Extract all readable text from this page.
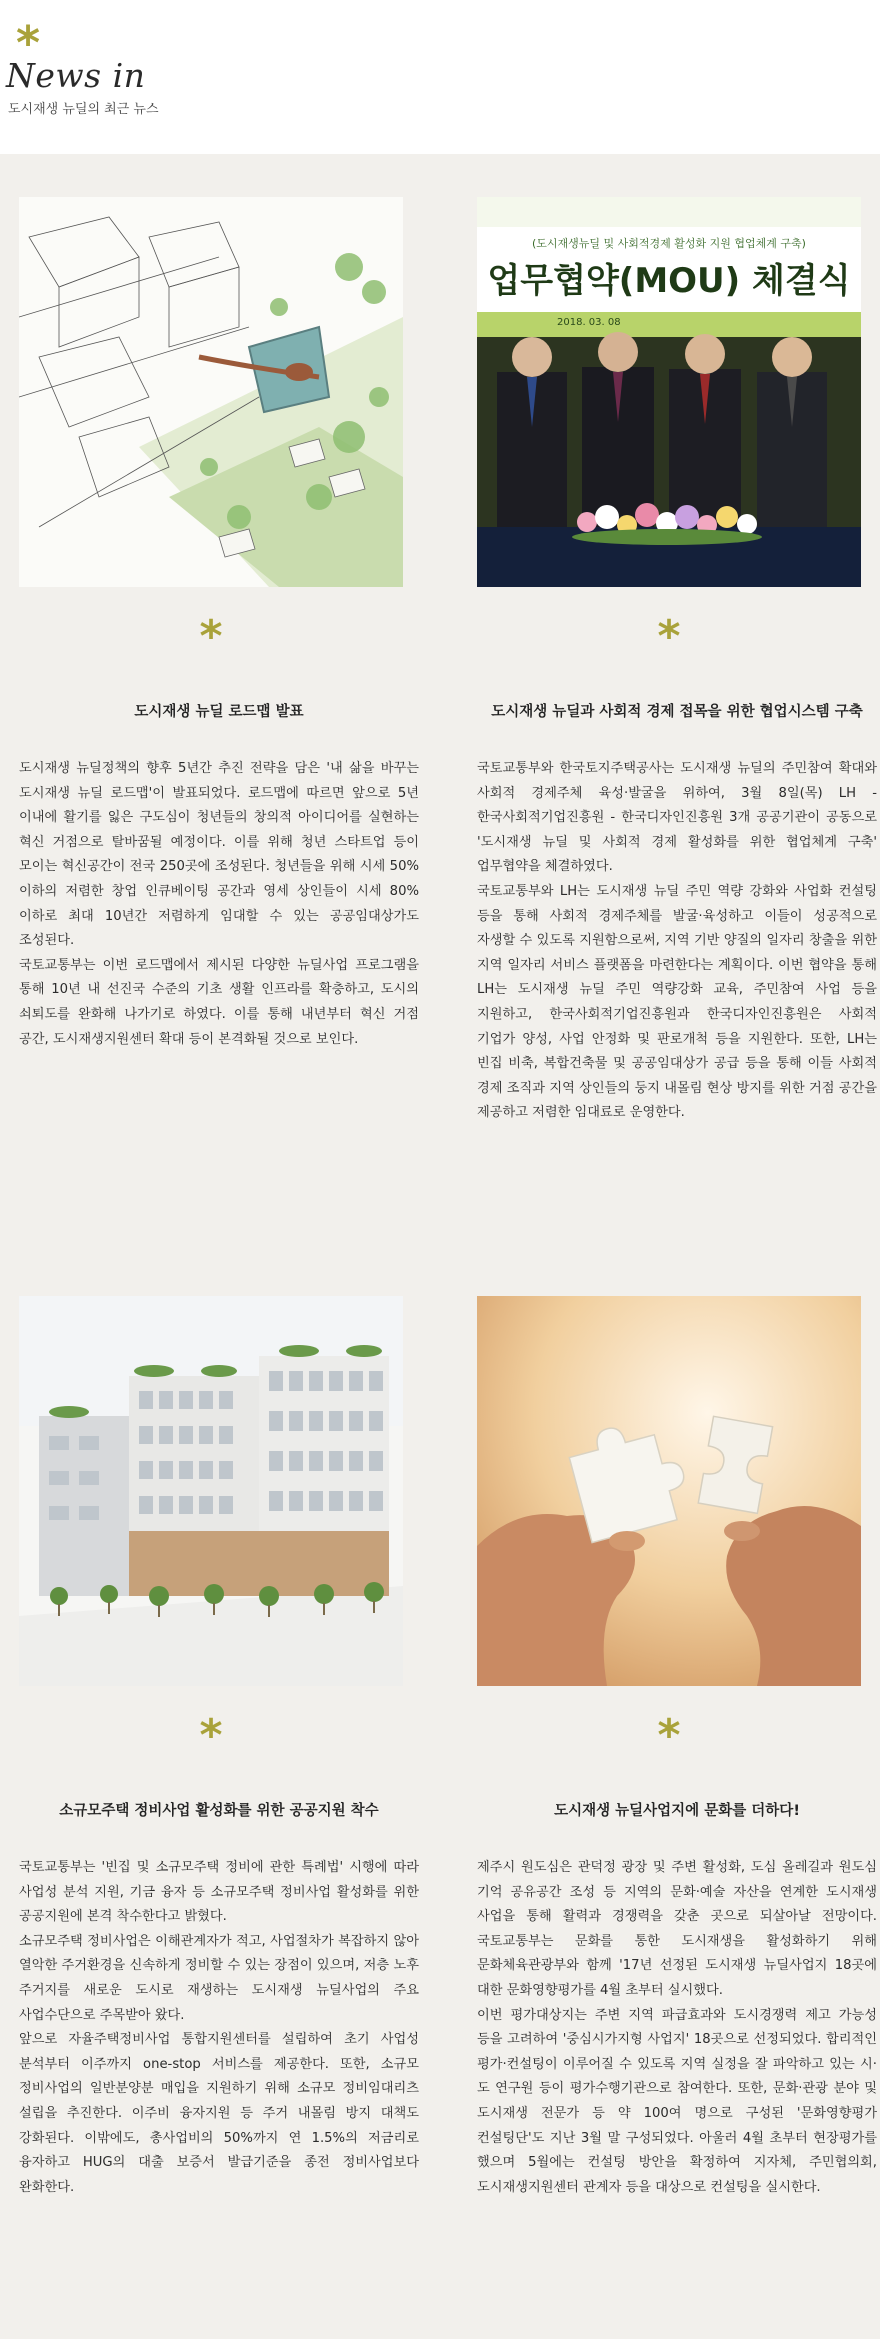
*
News in
도시재생 뉴딜의 최근 뉴스
*
도시재생 뉴딜 로드맵 발표

도시재생 뉴딜정책의 향후 5년간 추진 전략을 담은 '내 삶을 바꾸는 도시재생 뉴딜 로드맵'이 발표되었다. 로드맵에 따르면 앞으로 5년 이내에 활기를 잃은 구도심이 청년들의 창의적 아이디어를 실현하는 혁신 거점으로 탈바꿈될 예정이다. 이를 위해 청년 스타트업 등이 모이는 혁신공간이 전국 250곳에 조성된다. 청년들을 위해 시세 50% 이하의 저렴한 창업 인큐베이팅 공간과 영세 상인들이 시세 80% 이하로 최대 10년간 저렴하게 임대할 수 있는 공공임대상가도 조성된다.

국토교통부는 이번 로드맵에서 제시된 다양한 뉴딜사업 프로그램을 통해 10년 내 선진국 수준의 기초 생활 인프라를 확충하고, 도시의 쇠퇴도를 완화해 나가기로 하였다. 이를 통해 내년부터 혁신 거점 공간, 도시재생지원센터 확대 등이 본격화될 것으로 보인다.

(도시재생뉴딜 및 사회적경제 활성화 지원 협업체계 구축)
업무협약(MOU) 체결식
2018. 03. 08
*
도시재생 뉴딜과 사회적 경제 접목을 위한 협업시스템 구축

국토교통부와 한국토지주택공사는 도시재생 뉴딜의 주민참여 확대와 사회적 경제주체 육성·발굴을 위하여, 3월 8일(목) LH - 한국사회적기업진흥원 - 한국디자인진흥원 3개 공공기관이 공동으로 '도시재생 뉴딜 및 사회적 경제 활성화를 위한 협업체계 구축' 업무협약을 체결하였다.

국토교통부와 LH는 도시재생 뉴딜 주민 역량 강화와 사업화 컨설팅 등을 통해 사회적 경제주체를 발굴·육성하고 이들이 성공적으로 자생할 수 있도록 지원함으로써, 지역 기반 양질의 일자리 창출을 위한 지역 일자리 서비스 플랫폼을 마련한다는 계획이다. 이번 협약을 통해 LH는 도시재생 뉴딜 주민 역량강화 교육, 주민참여 사업 등을 지원하고, 한국사회적기업진흥원과 한국디자인진흥원은 사회적 기업가 양성, 사업 안정화 및 판로개척 등을 지원한다. 또한, LH는 빈집 비축, 복합건축물 및 공공임대상가 공급 등을 통해 이들 사회적 경제 조직과 지역 상인들의 둥지 내몰림 현상 방지를 위한 거점 공간을 제공하고 저렴한 임대료로 운영한다.

*
소규모주택 정비사업 활성화를 위한 공공지원 착수

국토교통부는 '빈집 및 소규모주택 정비에 관한 특례법' 시행에 따라 사업성 분석 지원, 기금 융자 등 소규모주택 정비사업 활성화를 위한 공공지원에 본격 착수한다고 밝혔다.

소규모주택 정비사업은 이해관계자가 적고, 사업절차가 복잡하지 않아 열악한 주거환경을 신속하게 정비할 수 있는 장점이 있으며, 저층 노후 주거지를 새로운 도시로 재생하는 도시재생 뉴딜사업의 주요 사업수단으로 주목받아 왔다.

앞으로 자율주택정비사업 통합지원센터를 설립하여 초기 사업성 분석부터 이주까지 one-stop 서비스를 제공한다. 또한, 소규모 정비사업의 일반분양분 매입을 지원하기 위해 소규모 정비임대리츠 설립을 추진한다. 이주비 융자지원 등 주거 내몰림 방지 대책도 강화된다. 이밖에도, 총사업비의 50%까지 연 1.5%의 저금리로 융자하고 HUG의 대출 보증서 발급기준을 종전 정비사업보다 완화한다.

*
도시재생 뉴딜사업지에 문화를 더하다!

제주시 원도심은 관덕정 광장 및 주변 활성화, 도심 올레길과 원도심 기억 공유공간 조성 등 지역의 문화·예술 자산을 연계한 도시재생 사업을 통해 활력과 경쟁력을 갖춘 곳으로 되살아날 전망이다. 국토교통부는 문화를 통한 도시재생을 활성화하기 위해 문화체육관광부와 함께 '17년 선정된 도시재생 뉴딜사업지 18곳에 대한 문화영향평가를 4월 초부터 실시했다.

이번 평가대상지는 주변 지역 파급효과와 도시경쟁력 제고 가능성 등을 고려하여 '중심시가지형 사업지' 18곳으로 선정되었다. 합리적인 평가·컨설팅이 이루어질 수 있도록 지역 실정을 잘 파악하고 있는 시·도 연구원 등이 평가수행기관으로 참여한다. 또한, 문화·관광 분야 및 도시재생 전문가 등 약 100여 명으로 구성된 '문화영향평가 컨설팅단'도 지난 3월 말 구성되었다. 아울러 4월 초부터 현장평가를 했으며 5월에는 컨설팅 방안을 확정하여 지자체, 주민협의회, 도시재생지원센터 관계자 등을 대상으로 컨설팅을 실시한다.
